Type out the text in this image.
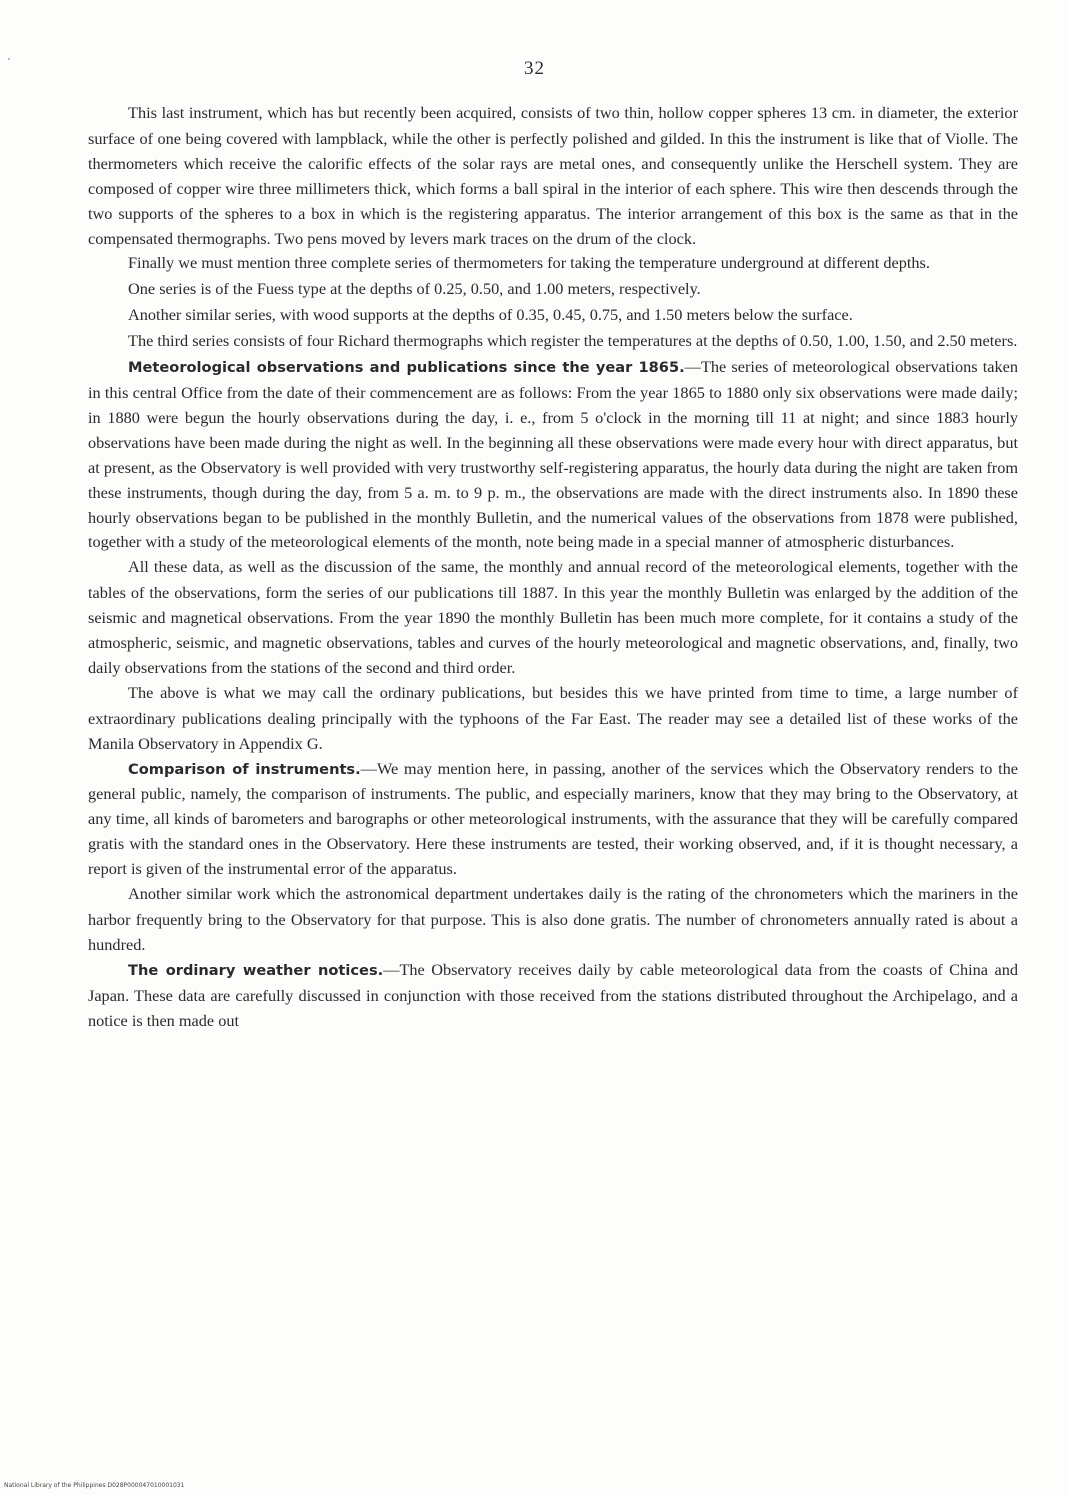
32

This last instrument, which has but recently been acquired, consists of two thin, hollow copper spheres 13 cm. in diameter, the exterior surface of one being covered with lampblack, while the other is perfectly polished and gilded. In this the instrument is like that of Violle. The thermometers which receive the calorific effects of the solar rays are metal ones, and consequently unlike the Herschell system. They are composed of copper wire three millimeters thick, which forms a ball spiral in the interior of each sphere. This wire then descends through the two supports of the spheres to a box in which is the registering apparatus. The interior arrangement of this box is the same as that in the compensated thermographs. Two pens moved by levers mark traces on the drum of the clock.

Finally we must mention three complete series of thermometers for taking the temperature underground at different depths.

One series is of the Fuess type at the depths of 0.25, 0.50, and 1.00 meters, respectively.

Another similar series, with wood supports at the depths of 0.35, 0.45, 0.75, and 1.50 meters below the surface.

The third series consists of four Richard thermographs which register the temperatures at the depths of 0.50, 1.00, 1.50, and 2.50 meters.

Meteorological observations and publications since the year 1865.—The series of meteorological observations taken in this central Office from the date of their commencement are as follows: From the year 1865 to 1880 only six observations were made daily; in 1880 were begun the hourly observations during the day, i. e., from 5 o'clock in the morning till 11 at night; and since 1883 hourly observations have been made during the night as well. In the beginning all these observations were made every hour with direct apparatus, but at present, as the Observatory is well provided with very trustworthy self-registering apparatus, the hourly data during the night are taken from these instruments, though during the day, from 5 a. m. to 9 p. m., the observations are made with the direct instruments also. In 1890 these hourly observations began to be published in the monthly Bulletin, and the numerical values of the observations from 1878 were published, together with a study of the meteorological elements of the month, note being made in a special manner of atmospheric disturbances.

All these data, as well as the discussion of the same, the monthly and annual record of the meteorological elements, together with the tables of the observations, form the series of our publications till 1887. In this year the monthly Bulletin was enlarged by the addition of the seismic and magnetical observations. From the year 1890 the monthly Bulletin has been much more complete, for it contains a study of the atmospheric, seismic, and magnetic observations, tables and curves of the hourly meteorological and magnetic observations, and, finally, two daily observations from the stations of the second and third order.

The above is what we may call the ordinary publications, but besides this we have printed from time to time, a large number of extraordinary publications dealing principally with the typhoons of the Far East. The reader may see a detailed list of these works of the Manila Observatory in Appendix G.

Comparison of instruments.—We may mention here, in passing, another of the services which the Observatory renders to the general public, namely, the comparison of instruments. The public, and especially mariners, know that they may bring to the Observatory, at any time, all kinds of barometers and barographs or other meteorological instruments, with the assurance that they will be carefully compared gratis with the standard ones in the Observatory. Here these instruments are tested, their working observed, and, if it is thought necessary, a report is given of the instrumental error of the apparatus.

Another similar work which the astronomical department undertakes daily is the rating of the chronometers which the mariners in the harbor frequently bring to the Observatory for that purpose. This is also done gratis. The number of chronometers annually rated is about a hundred.

The ordinary weather notices.—The Observatory receives daily by cable meteorological data from the coasts of China and Japan. These data are carefully discussed in conjunction with those received from the stations distributed throughout the Archipelago, and a notice is then made out

National Library of the Philippines D028P000047010001031
